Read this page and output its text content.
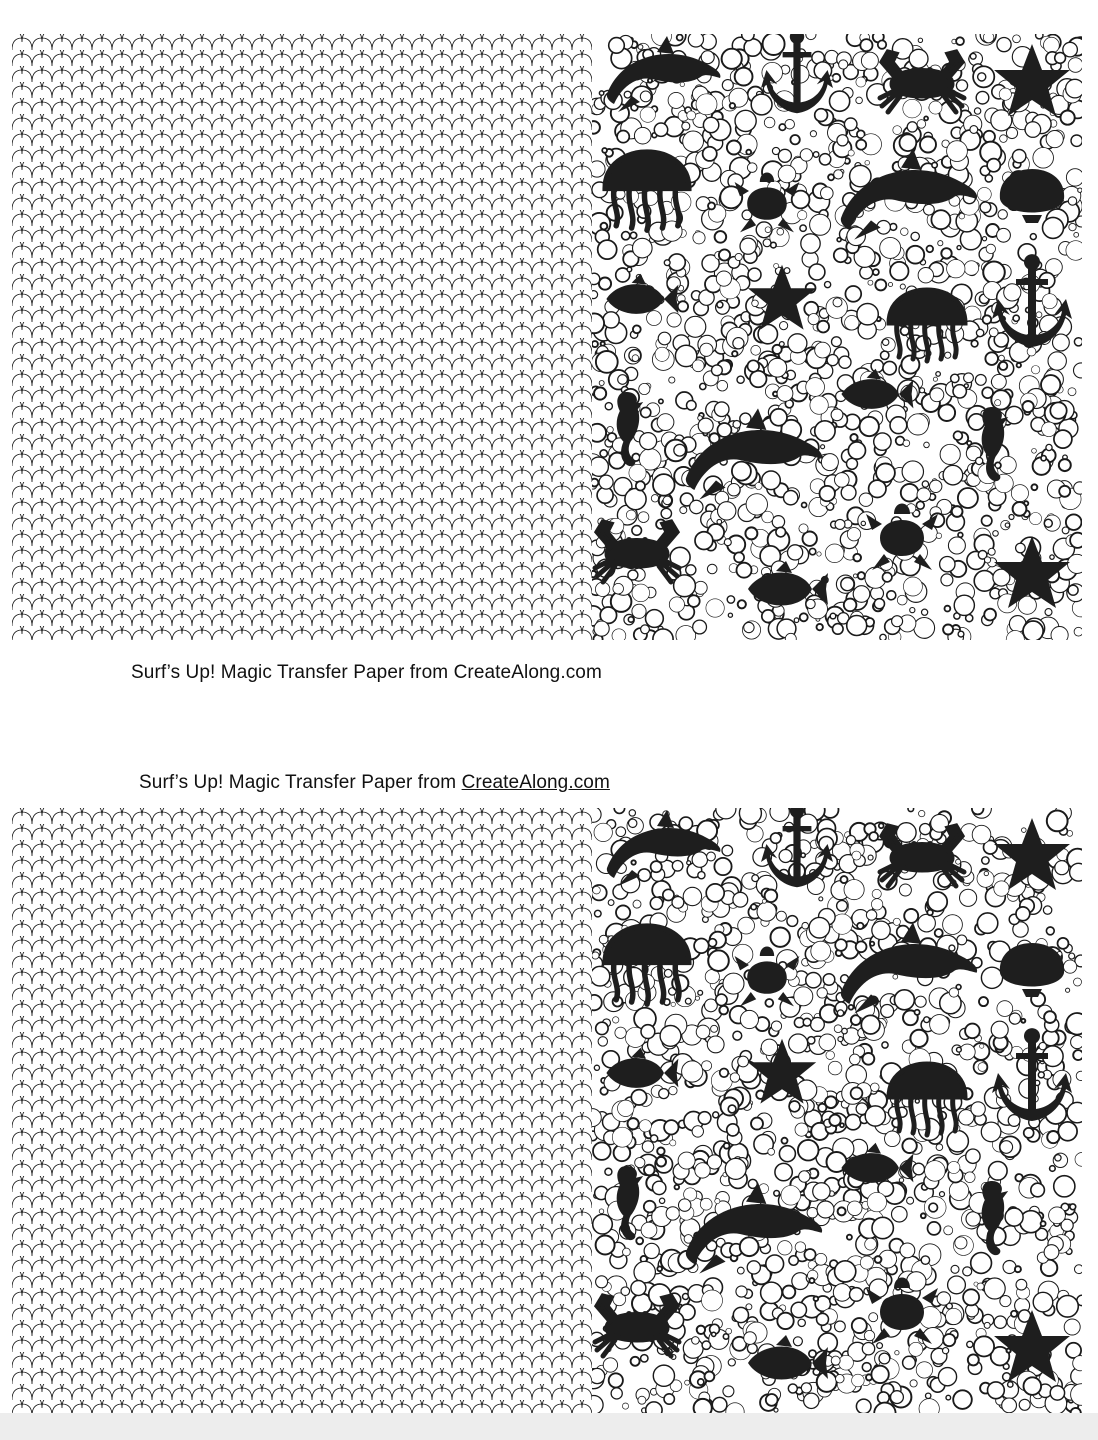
Surf’s Up! Magic Transfer Paper from CreateAlong.com
Surf’s Up! Magic Transfer Paper from CreateAlong.com
